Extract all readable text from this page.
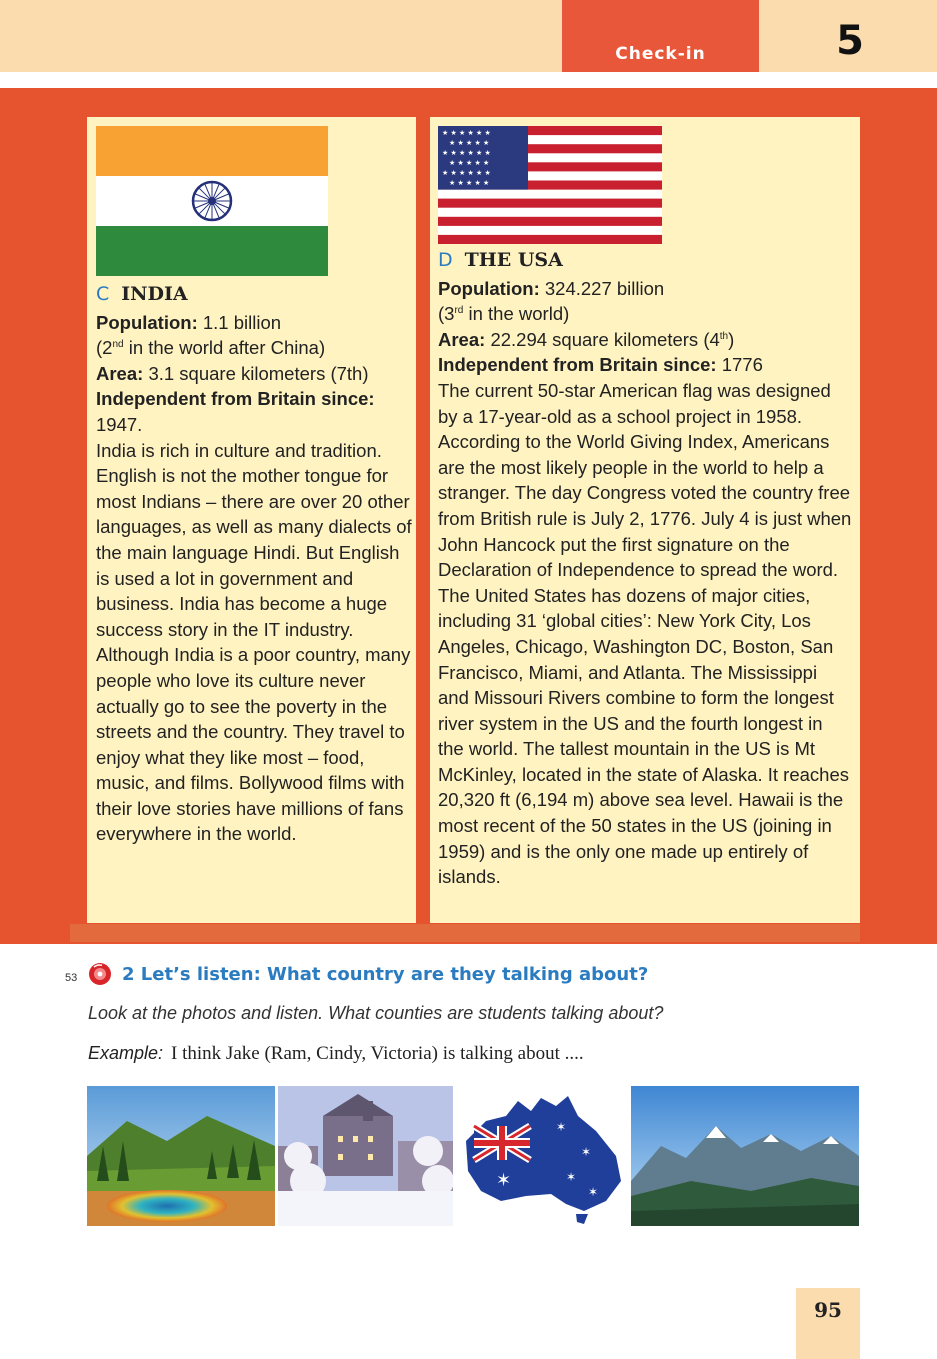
Check-in	5
★ ★ ★ ★ ★ ★
★ ★ ★ ★ ★
★ ★ ★ ★ ★ ★
★ ★ ★ ★ ★
★ ★ ★ ★ ★ ★
★ ★ ★ ★ ★
C INDIA
Population: 1.1 billion
(2nd in the world after China)
Area: 3.1 square kilometers (7th)
Independent from Britain since:
1947.
India is rich in culture and tradition. English is not the mother tongue for most Indians – there are over 20 other languages, as well as many dialects of the main language Hindi. But English is used a lot in government and business. India has become a huge success story in the IT industry. Although India is a poor country, many people who love its culture never actually go to see the poverty in the streets and the country. They travel to enjoy what they like most – food, music, and films. Bollywood films with their love stories have millions of fans everywhere in the world.
D THE USA
Population: 324.227 billion
(3rd in the world)
Area: 22.294 square kilometers (4th)
Independent from Britain since: 1776
The current 50-star American flag was designed by a 17-year-old as a school project in 1958. According to the World Giving Index, Americans are the most likely people in the world to help a stranger. The day Congress voted the country free from British rule is July 2, 1776. July 4 is just when John Hancock put the first signature on the Declaration of Independence to spread the word. The United States has dozens of major cities, including 31 ‘global cities’: New York City, Los Angeles, Chicago, Washington DC, Boston, San Francisco, Miami, and Atlanta. The Mississippi and Missouri Rivers combine to form the longest river system in the US and the fourth longest in the world. The tallest mountain in the US is Mt McKinley, located in the state of Alaska. It reaches 20,320 ft (6,194 m) above sea level. Hawaii is the most recent of the 50 states in the US (joining in 1959) and is the only one made up entirely of islands.
53 2 Let’s listen: What country are they talking about?
Look at the photos and listen. What counties are students talking about?
Example: I think Jake (Ram, Cindy, Victoria) is talking about ....
✶
✶
✶
✶
✶
95
